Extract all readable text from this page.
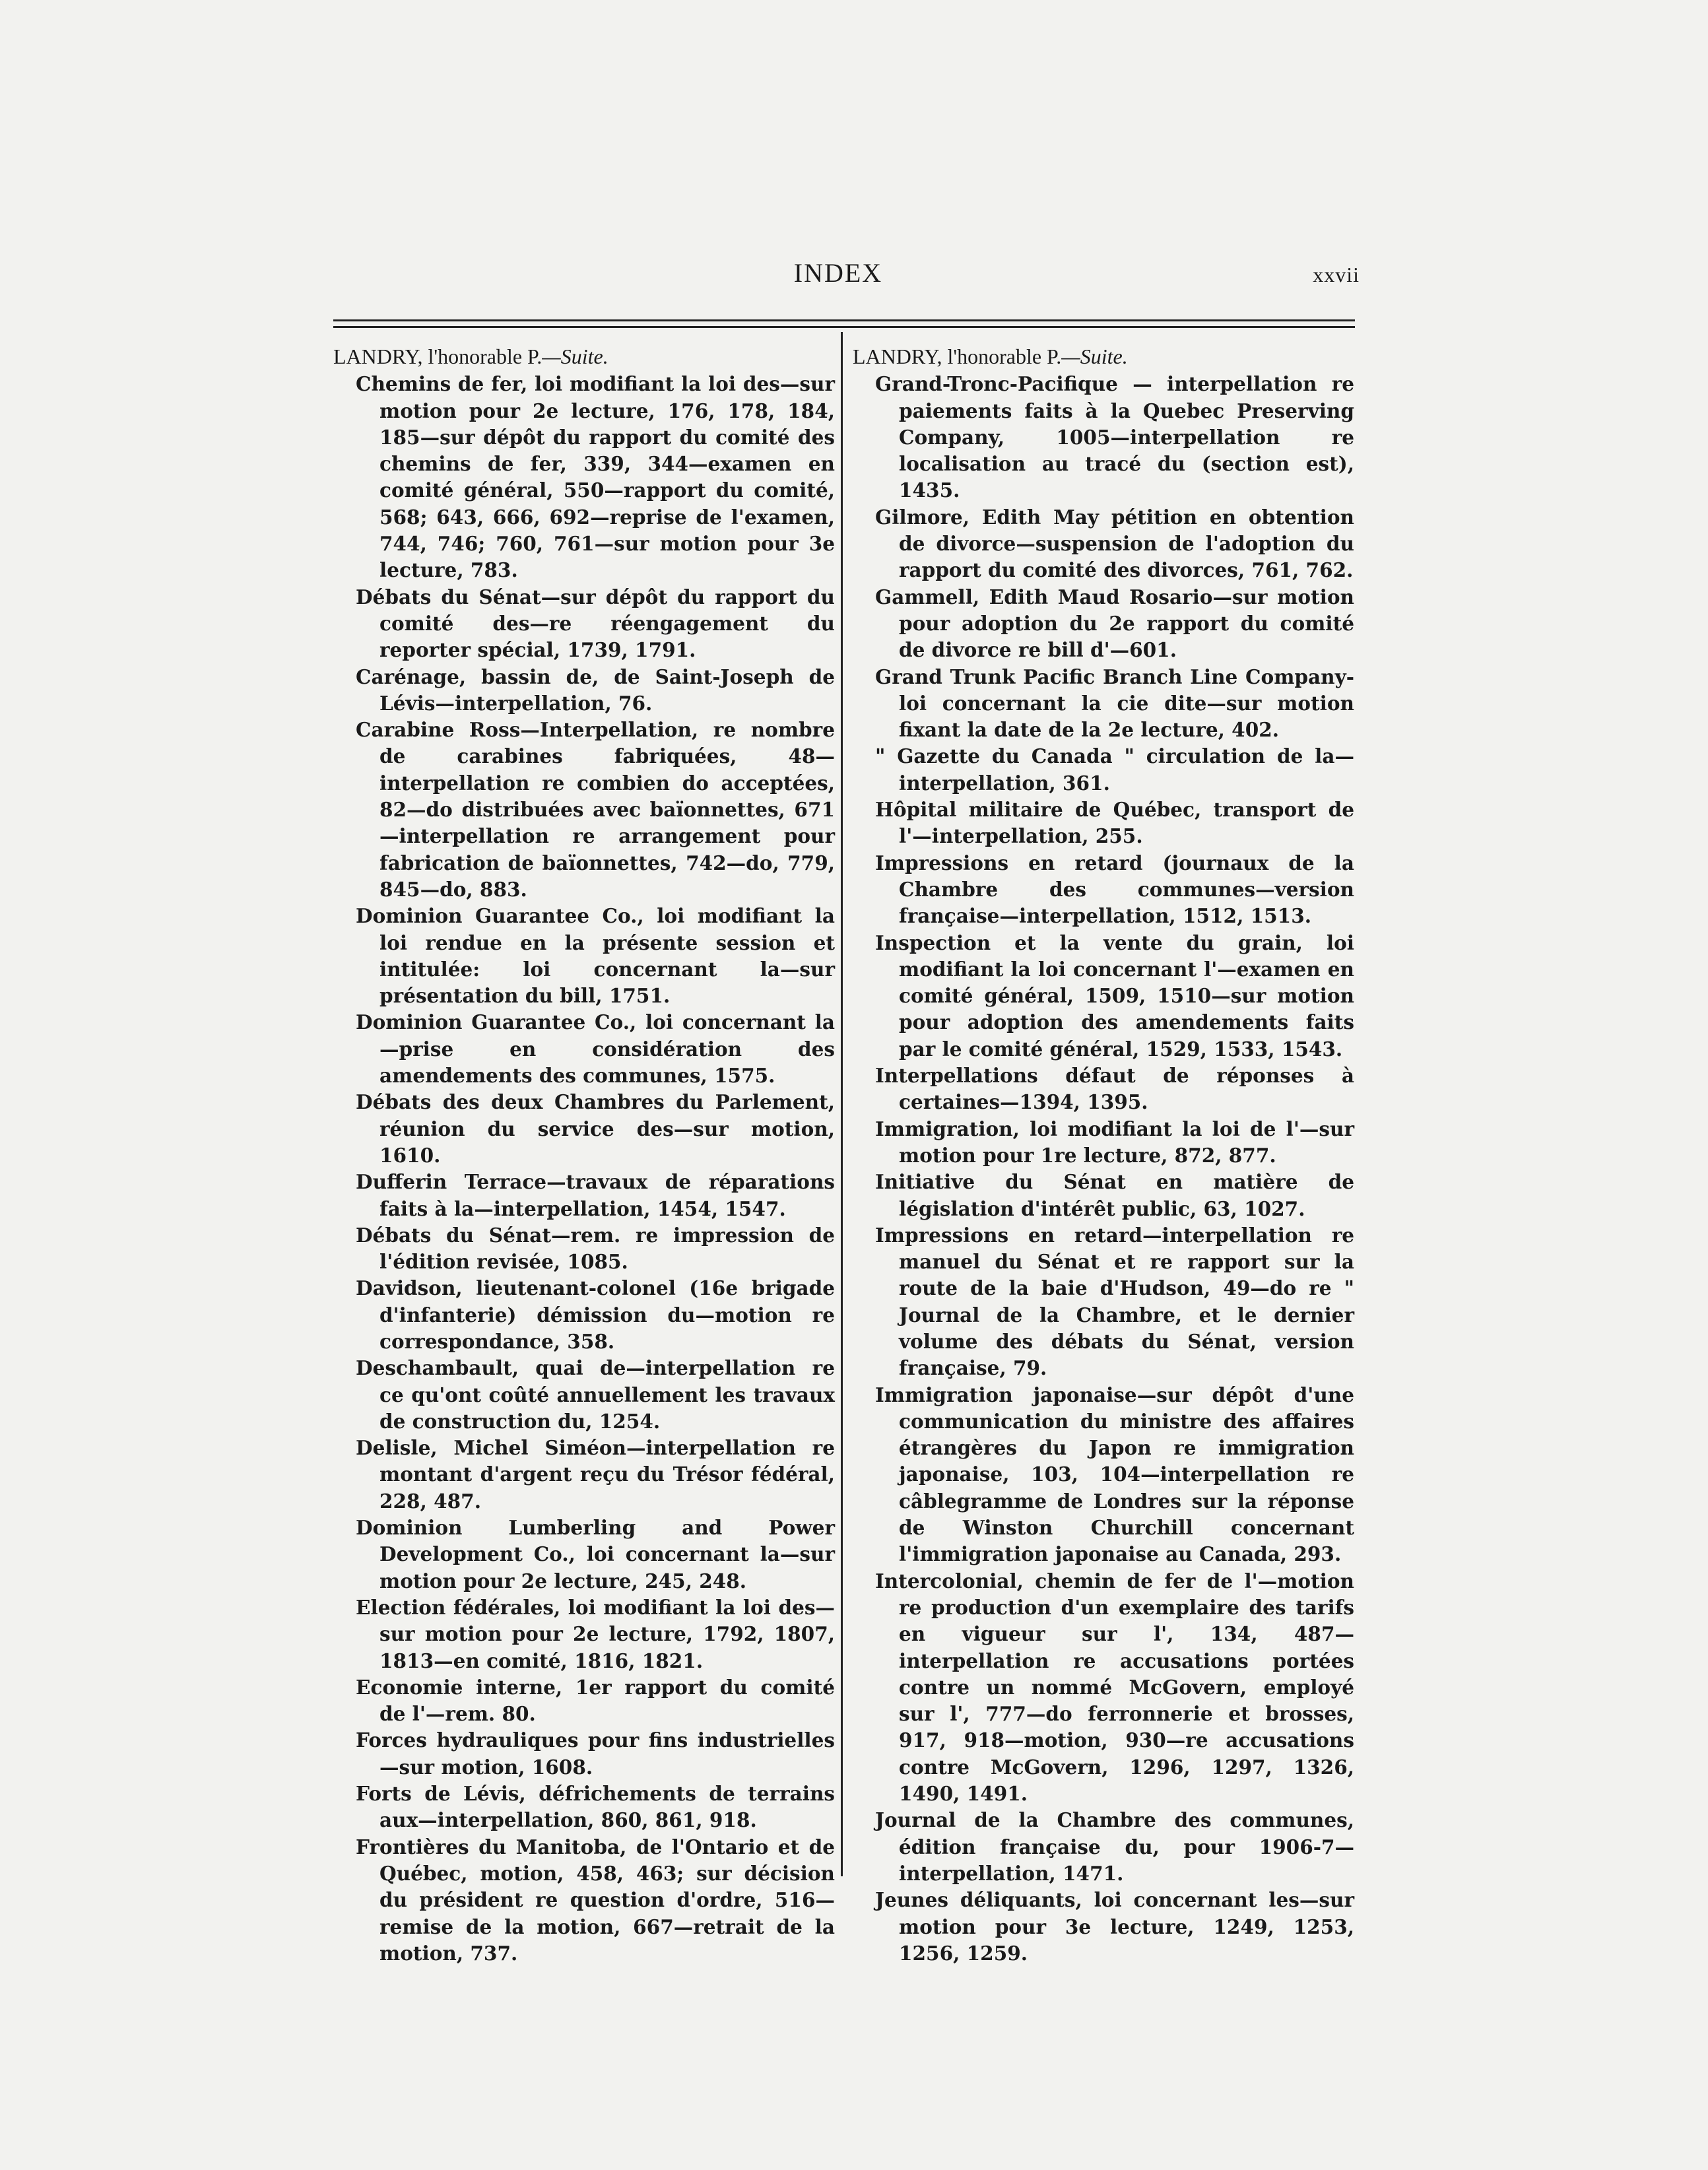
INDEX	xxvii
LANDRY, l'honorable P.—Suite.
Chemins de fer, loi modifiant la loi des—sur motion pour 2e lecture, 176, 178, 184, 185—sur dépôt du rapport du comité des chemins de fer, 339, 344—examen en comité général, 550—rapport du comité, 568; 643, 666, 692—reprise de l'examen, 744, 746; 760, 761—sur motion pour 3e lecture, 783.
Débats du Sénat—sur dépôt du rapport du comité des—re réengagement du reporter spécial, 1739, 1791.
Carénage, bassin de, de Saint-Joseph de Lévis—interpellation, 76.
Carabine Ross—Interpellation, re nombre de carabines fabriquées, 48—interpellation re combien do acceptées, 82—do distribuées avec baïonnettes, 671—interpellation re arrangement pour fabrication de baïonnettes, 742—do, 779, 845—do, 883.
Dominion Guarantee Co., loi modifiant la loi rendue en la présente session et intitulée: loi concernant la—sur présentation du bill, 1751.
Dominion Guarantee Co., loi concernant la—prise en considération des amendements des communes, 1575.
Débats des deux Chambres du Parlement, réunion du service des—sur motion, 1610.
Dufferin Terrace—travaux de réparations faits à la—interpellation, 1454, 1547.
Débats du Sénat—rem. re impression de l'édition revisée, 1085.
Davidson, lieutenant-colonel (16e brigade d'infanterie) démission du—motion re correspondance, 358.
Deschambault, quai de—interpellation re ce qu'ont coûté annuellement les travaux de construction du, 1254.
Delisle, Michel Siméon—interpellation re montant d'argent reçu du Trésor fédéral, 228, 487.
Dominion Lumberling and Power Development Co., loi concernant la—sur motion pour 2e lecture, 245, 248.
Election fédérales, loi modifiant la loi des—sur motion pour 2e lecture, 1792, 1807, 1813—en comité, 1816, 1821.
Economie interne, 1er rapport du comité de l'—rem. 80.
Forces hydrauliques pour fins industrielles—sur motion, 1608.
Forts de Lévis, défrichements de terrains aux—interpellation, 860, 861, 918.
Frontières du Manitoba, de l'Ontario et de Québec, motion, 458, 463; sur décision du président re question d'ordre, 516—remise de la motion, 667—retrait de la motion, 737.
LANDRY, l'honorable P.—Suite.
Grand-Tronc-Pacifique — interpellation re paiements faits à la Quebec Preserving Company, 1005—interpellation re localisation au tracé du (section est), 1435.
Gilmore, Edith May pétition en obtention de divorce—suspension de l'adoption du rapport du comité des divorces, 761, 762.
Gammell, Edith Maud Rosario—sur motion pour adoption du 2e rapport du comité de divorce re bill d'—601.
Grand Trunk Pacific Branch Line Company-loi concernant la cie dite—sur motion fixant la date de la 2e lecture, 402.
" Gazette du Canada " circulation de la—interpellation, 361.
Hôpital militaire de Québec, transport de l'—interpellation, 255.
Impressions en retard (journaux de la Chambre des communes—version française—interpellation, 1512, 1513.
Inspection et la vente du grain, loi modifiant la loi concernant l'—examen en comité général, 1509, 1510—sur motion pour adoption des amendements faits par le comité général, 1529, 1533, 1543.
Interpellations défaut de réponses à certaines—1394, 1395.
Immigration, loi modifiant la loi de l'—sur motion pour 1re lecture, 872, 877.
Initiative du Sénat en matière de législation d'intérêt public, 63, 1027.
Impressions en retard—interpellation re manuel du Sénat et re rapport sur la route de la baie d'Hudson, 49—do re " Journal de la Chambre, et le dernier volume des débats du Sénat, version française, 79.
Immigration japonaise—sur dépôt d'une communication du ministre des affaires étrangères du Japon re immigration japonaise, 103, 104—interpellation re câblegramme de Londres sur la réponse de Winston Churchill concernant l'immigration japonaise au Canada, 293.
Intercolonial, chemin de fer de l'—motion re production d'un exemplaire des tarifs en vigueur sur l', 134, 487—interpellation re accusations portées contre un nommé McGovern, employé sur l', 777—do ferronnerie et brosses, 917, 918—motion, 930—re accusations contre McGovern, 1296, 1297, 1326, 1490, 1491.
Journal de la Chambre des communes, édition française du, pour 1906-7—interpellation, 1471.
Jeunes déliquants, loi concernant les—sur motion pour 3e lecture, 1249, 1253, 1256, 1259.
